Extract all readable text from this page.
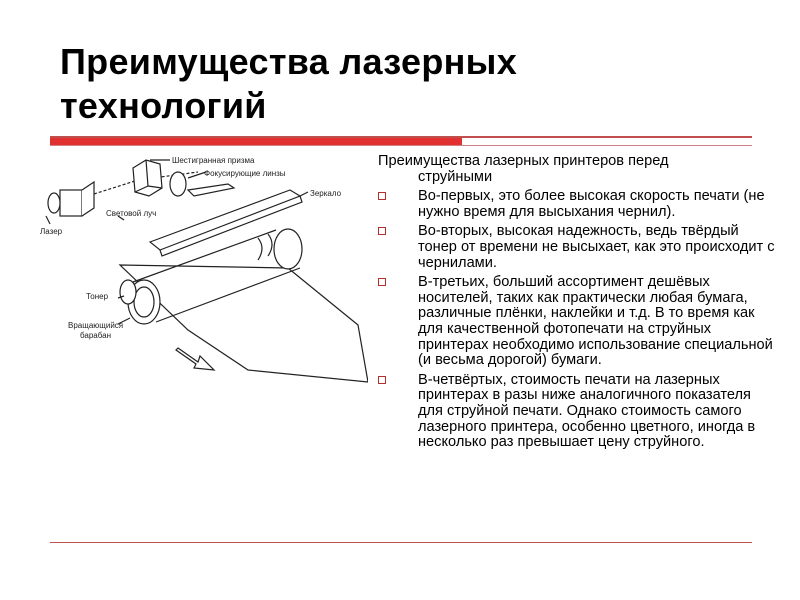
Преимущества лазерных
технологий
Шестигранная призма
Фокусирующие линзы
Зеркало
Световой луч
Лазер
Тонер
Вращающийся
барабан
Преимущества лазерных принтеров перед
струйными
Во-первых, это более высокая скорость печати (не нужно время для высыхания чернил).
Во-вторых, высокая надежность, ведь твёрдый тонер от времени не высыхает, как это происходит с чернилами.
В-третьих, больший ассортимент дешёвых носителей, таких как практически любая бумага, различные плёнки, наклейки и т.д. В то время как для качественной фотопечати на струйных принтерах необходимо использование специальной (и весьма дорогой) бумаги.
В-четвёртых, стоимость печати на лазерных принтерах в разы ниже аналогичного показателя для струйной печати. Однако стоимость самого лазерного принтера, особенно цветного, иногда в несколько раз превышает цену струйного.
